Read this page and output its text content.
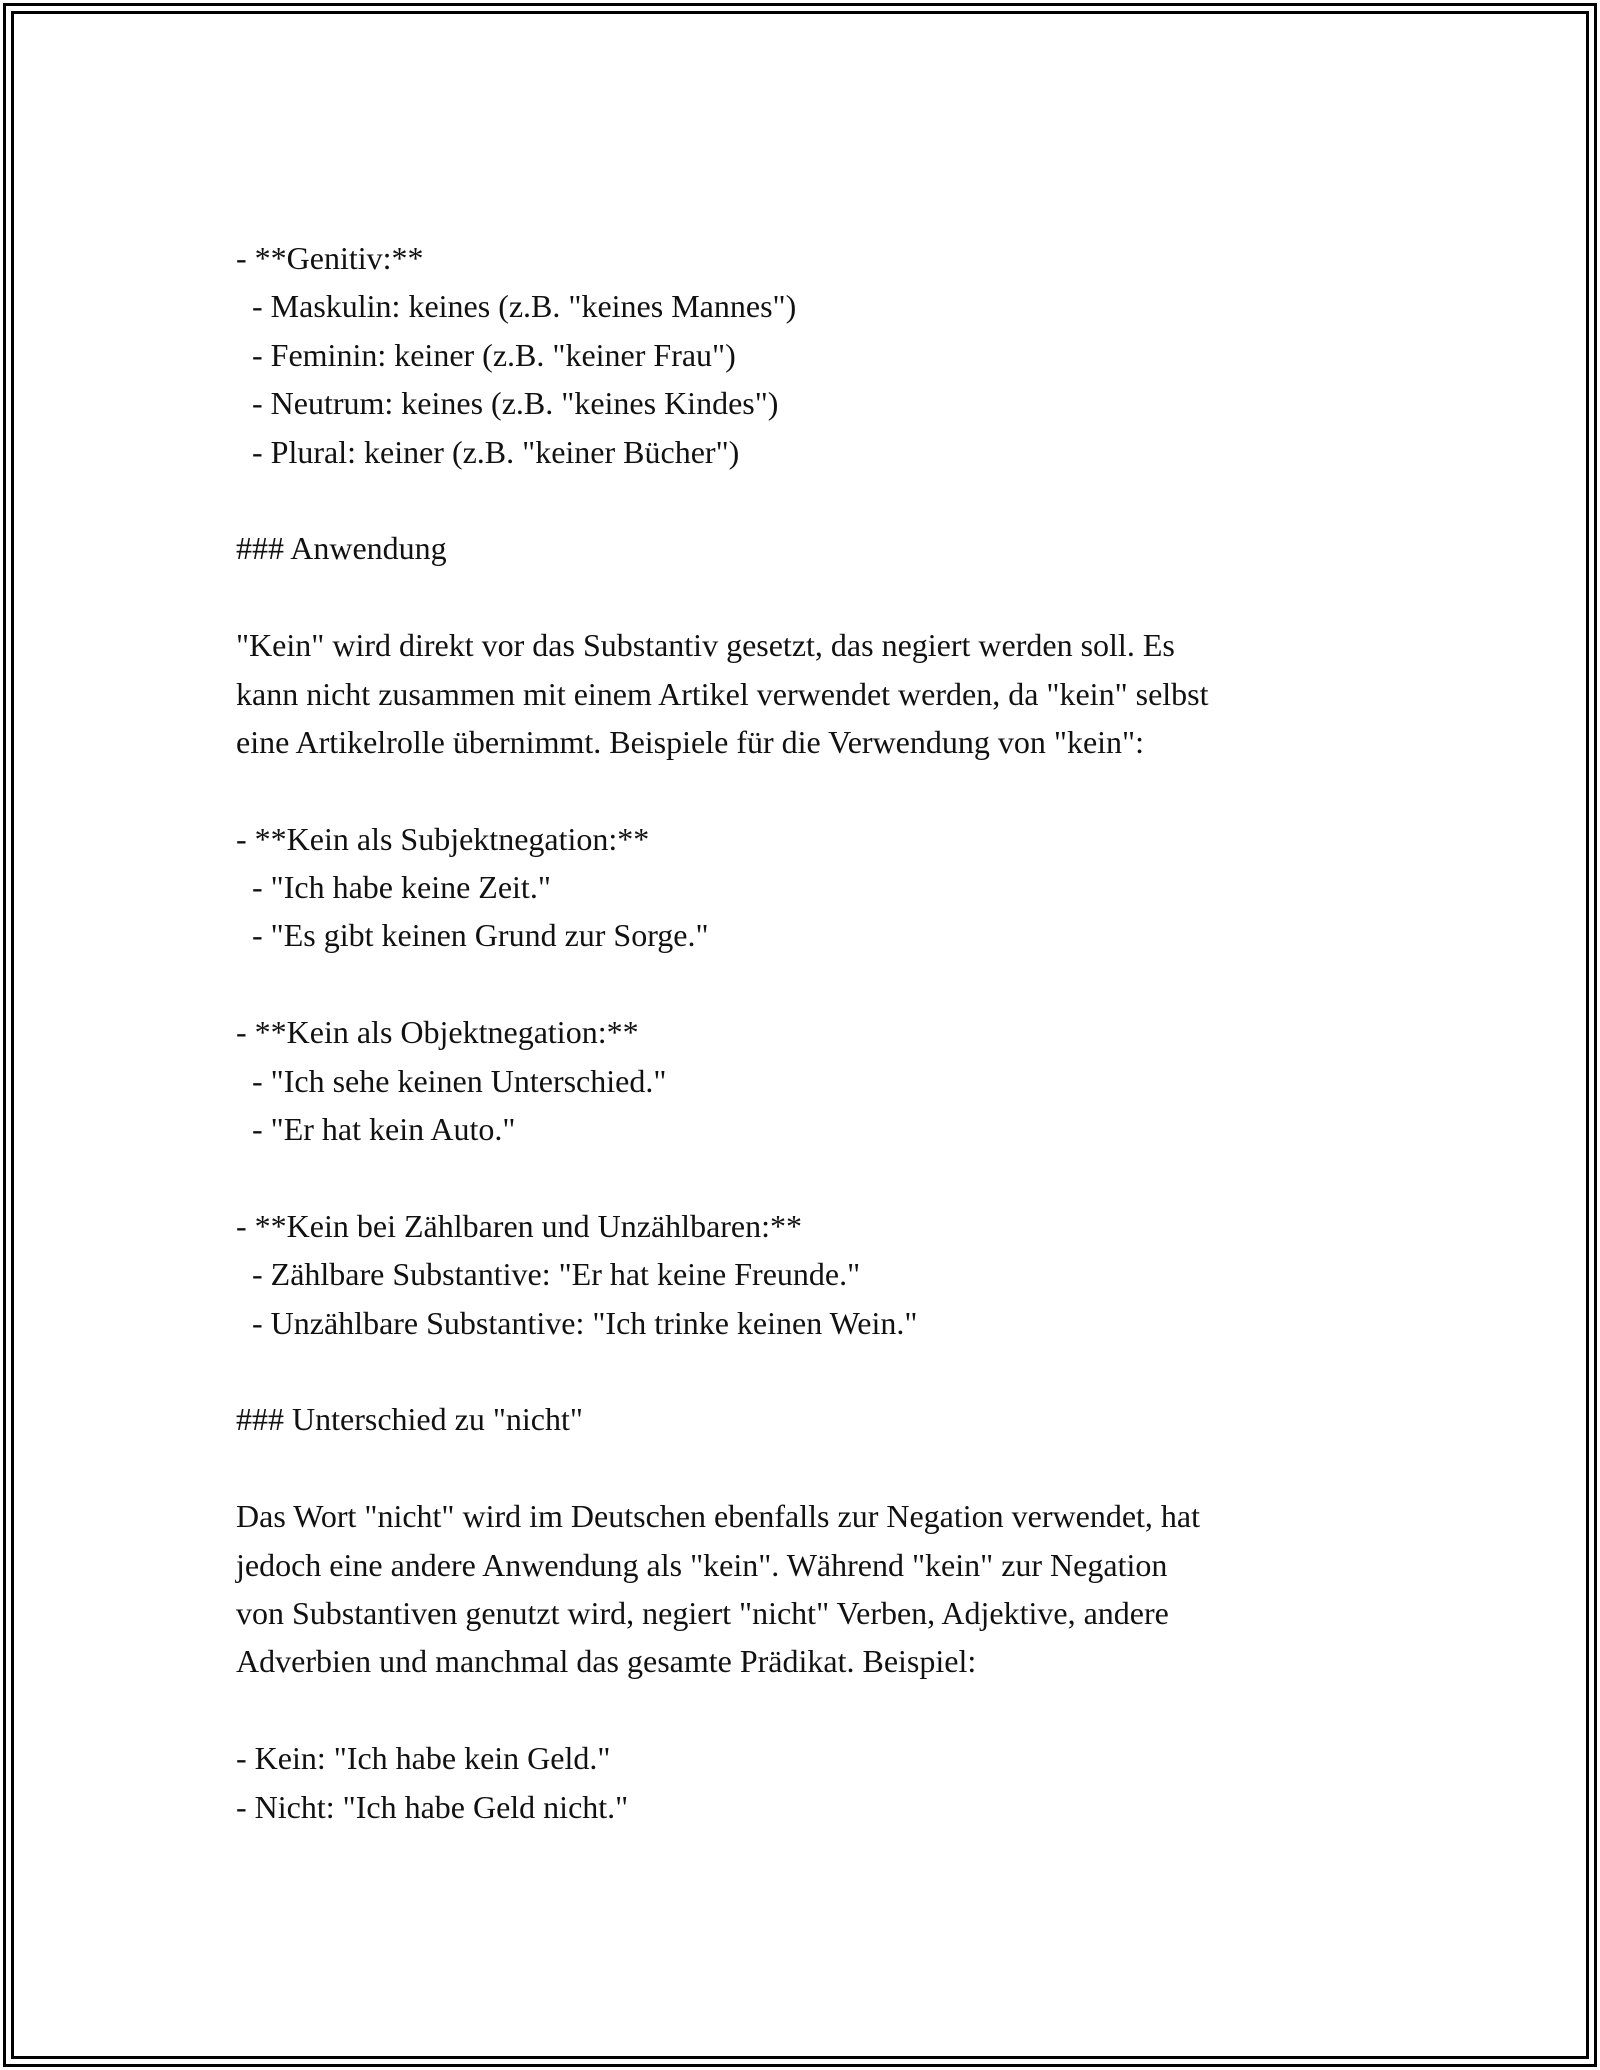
- **Genitiv:**
- Maskulin: keines (z.B. "keines Mannes")
- Feminin: keiner (z.B. "keiner Frau")
- Neutrum: keines (z.B. "keines Kindes")
- Plural: keiner (z.B. "keiner Bücher")
### Anwendung
"Kein" wird direkt vor das Substantiv gesetzt, das negiert werden soll. Es
kann nicht zusammen mit einem Artikel verwendet werden, da "kein" selbst
eine Artikelrolle übernimmt. Beispiele für die Verwendung von "kein":
- **Kein als Subjektnegation:**
- "Ich habe keine Zeit."
- "Es gibt keinen Grund zur Sorge."
- **Kein als Objektnegation:**
- "Ich sehe keinen Unterschied."
- "Er hat kein Auto."
- **Kein bei Zählbaren und Unzählbaren:**
- Zählbare Substantive: "Er hat keine Freunde."
- Unzählbare Substantive: "Ich trinke keinen Wein."
### Unterschied zu "nicht"
Das Wort "nicht" wird im Deutschen ebenfalls zur Negation verwendet, hat
jedoch eine andere Anwendung als "kein". Während "kein" zur Negation
von Substantiven genutzt wird, negiert "nicht" Verben, Adjektive, andere
Adverbien und manchmal das gesamte Prädikat. Beispiel:
- Kein: "Ich habe kein Geld."
- Nicht: "Ich habe Geld nicht."
